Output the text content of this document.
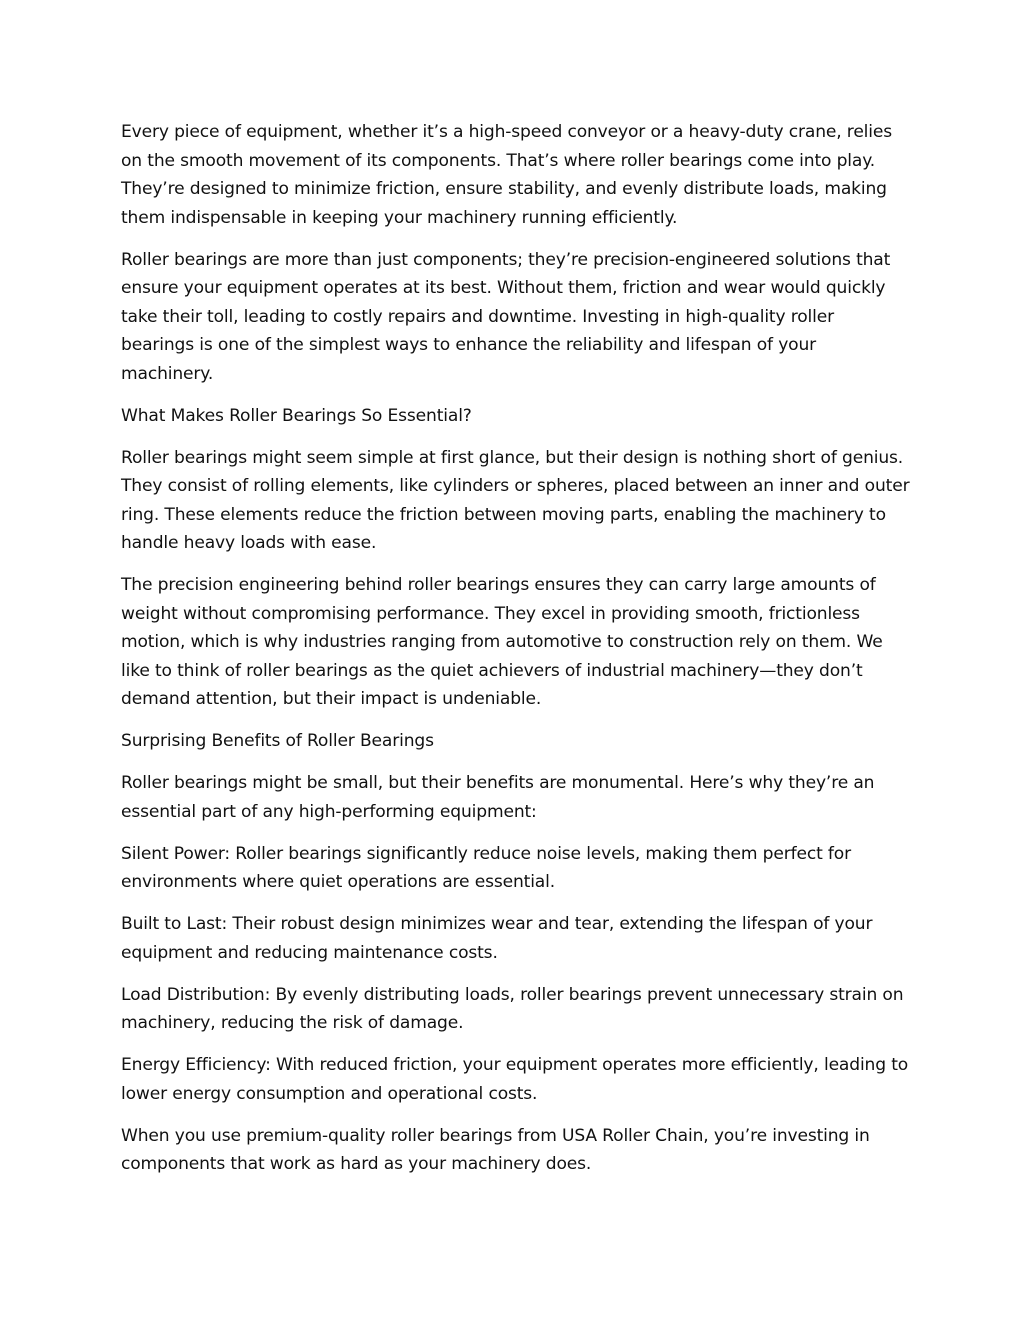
Every piece of equipment, whether it’s a high-speed conveyor or a heavy-duty crane, relies on the smooth movement of its components. That’s where roller bearings come into play. They’re designed to minimize friction, ensure stability, and evenly distribute loads, making them indispensable in keeping your machinery running efficiently.

Roller bearings are more than just components; they’re precision-engineered solutions that ensure your equipment operates at its best. Without them, friction and wear would quickly take their toll, leading to costly repairs and downtime. Investing in high-quality roller bearings is one of the simplest ways to enhance the reliability and lifespan of your machinery.

What Makes Roller Bearings So Essential?

Roller bearings might seem simple at first glance, but their design is nothing short of genius. They consist of rolling elements, like cylinders or spheres, placed between an inner and outer ring. These elements reduce the friction between moving parts, enabling the machinery to handle heavy loads with ease.

The precision engineering behind roller bearings ensures they can carry large amounts of weight without compromising performance. They excel in providing smooth, frictionless motion, which is why industries ranging from automotive to construction rely on them. We like to think of roller bearings as the quiet achievers of industrial machinery—they don’t demand attention, but their impact is undeniable.

Surprising Benefits of Roller Bearings

Roller bearings might be small, but their benefits are monumental. Here’s why they’re an essential part of any high-performing equipment:

Silent Power: Roller bearings significantly reduce noise levels, making them perfect for environments where quiet operations are essential.

Built to Last: Their robust design minimizes wear and tear, extending the lifespan of your equipment and reducing maintenance costs.

Load Distribution: By evenly distributing loads, roller bearings prevent unnecessary strain on machinery, reducing the risk of damage.

Energy Efficiency: With reduced friction, your equipment operates more efficiently, leading to lower energy consumption and operational costs.

When you use premium-quality roller bearings from USA Roller Chain, you’re investing in components that work as hard as your machinery does.
